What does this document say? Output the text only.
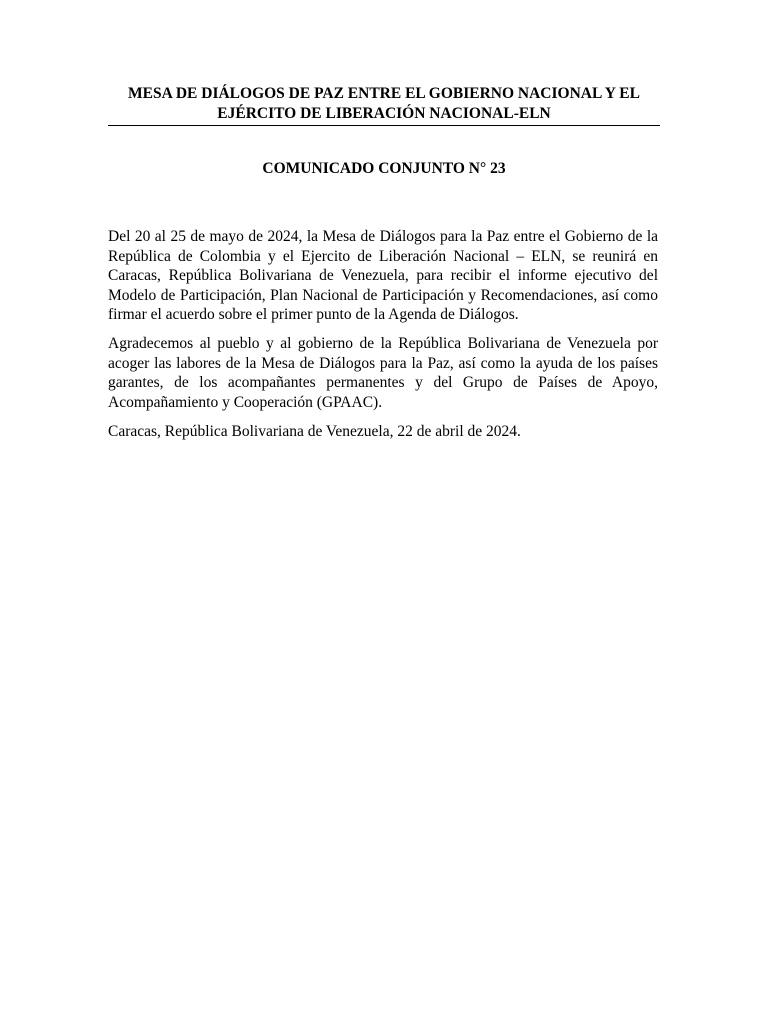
MESA DE DIÁLOGOS DE PAZ ENTRE EL GOBIERNO NACIONAL Y EL
EJÉRCITO DE LIBERACIÓN NACIONAL-ELN
COMUNICADO CONJUNTO N° 23

Del 20 al 25 de mayo de 2024, la Mesa de Diálogos para la Paz entre el Gobierno de la República de Colombia y el Ejercito de Liberación Nacional – ELN, se reunirá en Caracas, República Bolivariana de Venezuela, para recibir el informe ejecutivo del Modelo de Participación, Plan Nacional de Participación y Recomendaciones, así como firmar el acuerdo sobre el primer punto de la Agenda de Diálogos.

Agradecemos al pueblo y al gobierno de la República Bolivariana de Venezuela por acoger las labores de la Mesa de Diálogos para la Paz, así como la ayuda de los países garantes, de los acompañantes permanentes y del Grupo de Países de Apoyo, Acompañamiento y Cooperación (GPAAC).

Caracas, República Bolivariana de Venezuela, 22 de abril de 2024.
